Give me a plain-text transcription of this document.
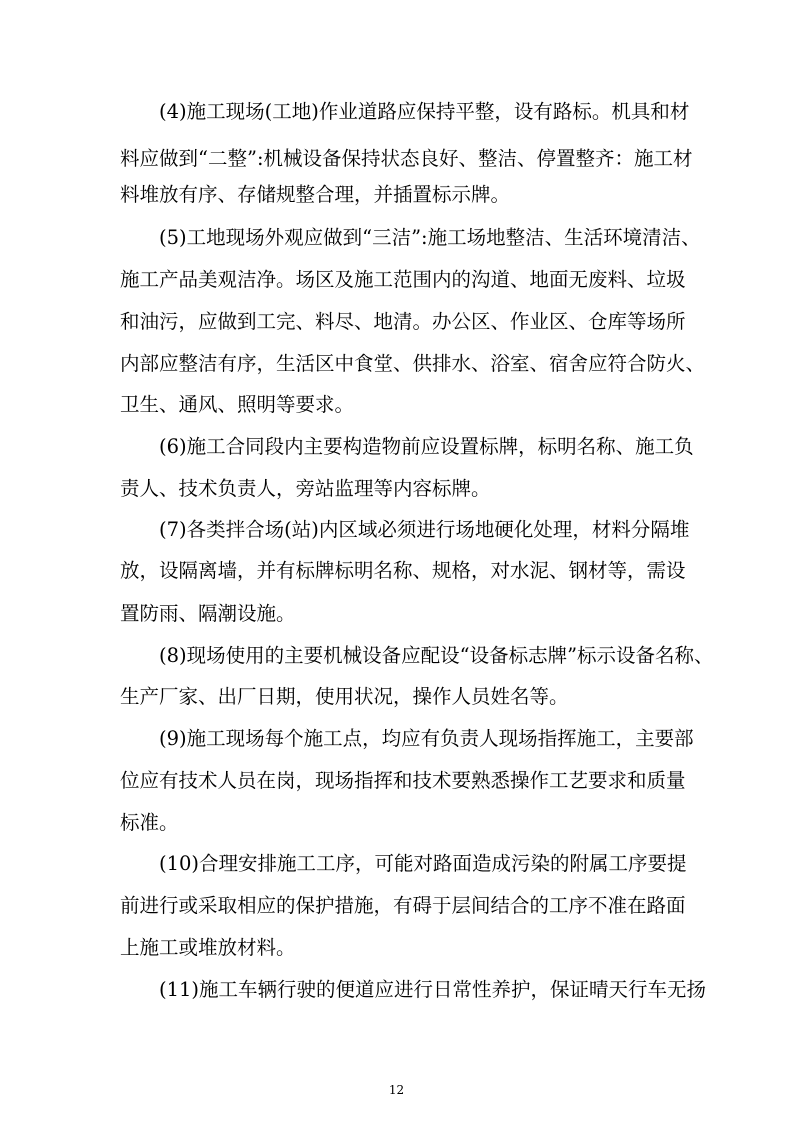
(4)施工现场(工地)作业道路应保持平整，设有路标。机具和材

料应做到“二整”:机械设备保持状态良好、整洁、停置整齐：施工材

料堆放有序、存储规整合理，并插置标示牌。

(5)工地现场外观应做到“三洁”:施工场地整洁、生活环境清洁、

施工产品美观洁净。场区及施工范围内的沟道、地面无废料、垃圾

和油污，应做到工完、料尽、地清。办公区、作业区、仓库等场所

内部应整洁有序，生活区中食堂、供排水、浴室、宿舍应符合防火、

卫生、通风、照明等要求。

(6)施工合同段内主要构造物前应设置标牌，标明名称、施工负

责人、技术负责人，旁站监理等内容标牌。

(7)各类拌合场(站)内区域必须进行场地硬化处理，材料分隔堆

放，设隔离墙，并有标牌标明名称、规格，对水泥、钢材等，需设

置防雨、隔潮设施。

(8)现场使用的主要机械设备应配设“设备标志牌”标示设备名称、

生产厂家、出厂日期，使用状况，操作人员姓名等。

(9)施工现场每个施工点，均应有负责人现场指挥施工，主要部

位应有技术人员在岗，现场指挥和技术要熟悉操作工艺要求和质量

标准。

(10)合理安排施工工序，可能对路面造成污染的附属工序要提

前进行或采取相应的保护措施，有碍于层间结合的工序不准在路面

上施工或堆放材料。

(11)施工车辆行驶的便道应进行日常性养护，保证晴天行车无扬

12
